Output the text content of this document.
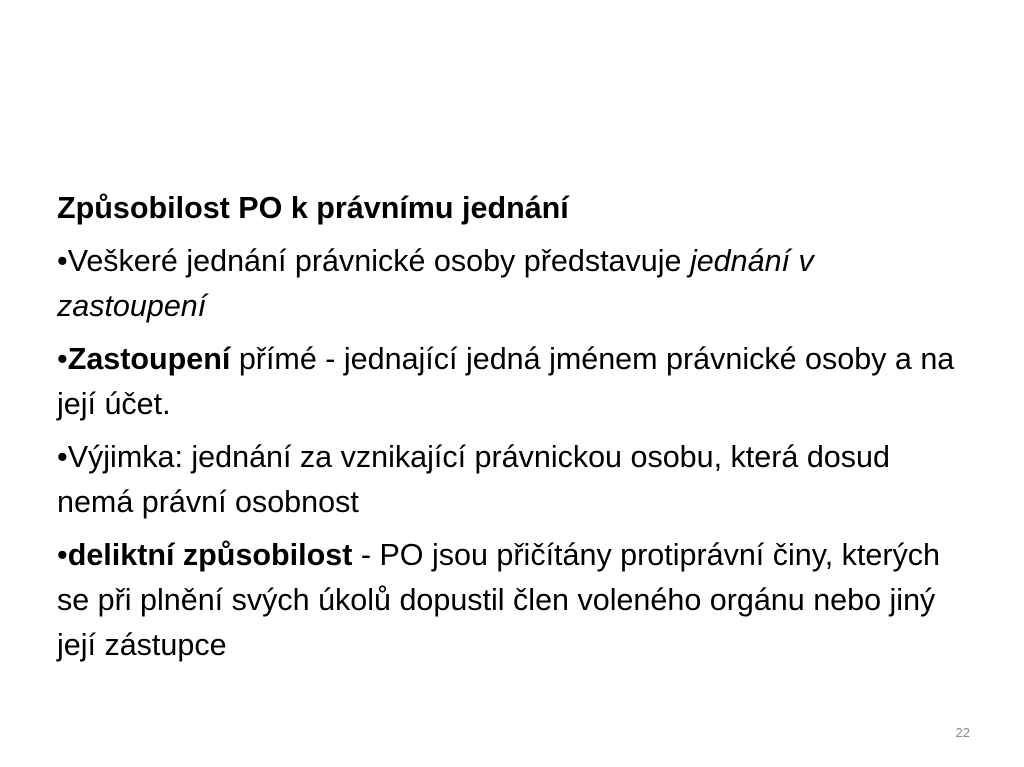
Způsobilost PO k právnímu jednání
•Veškeré jednání právnické osoby představuje jednání v zastoupení
•Zastoupení přímé - jednající jedná jménem právnické osoby a na její účet.
•Výjimka: jednání za vznikající právnickou osobu, která dosud nemá právní osobnost
•deliktní způsobilost - PO jsou přičítány protiprávní činy, kterých se při plnění svých úkolů dopustil člen voleného orgánu nebo jiný její zástupce
22
